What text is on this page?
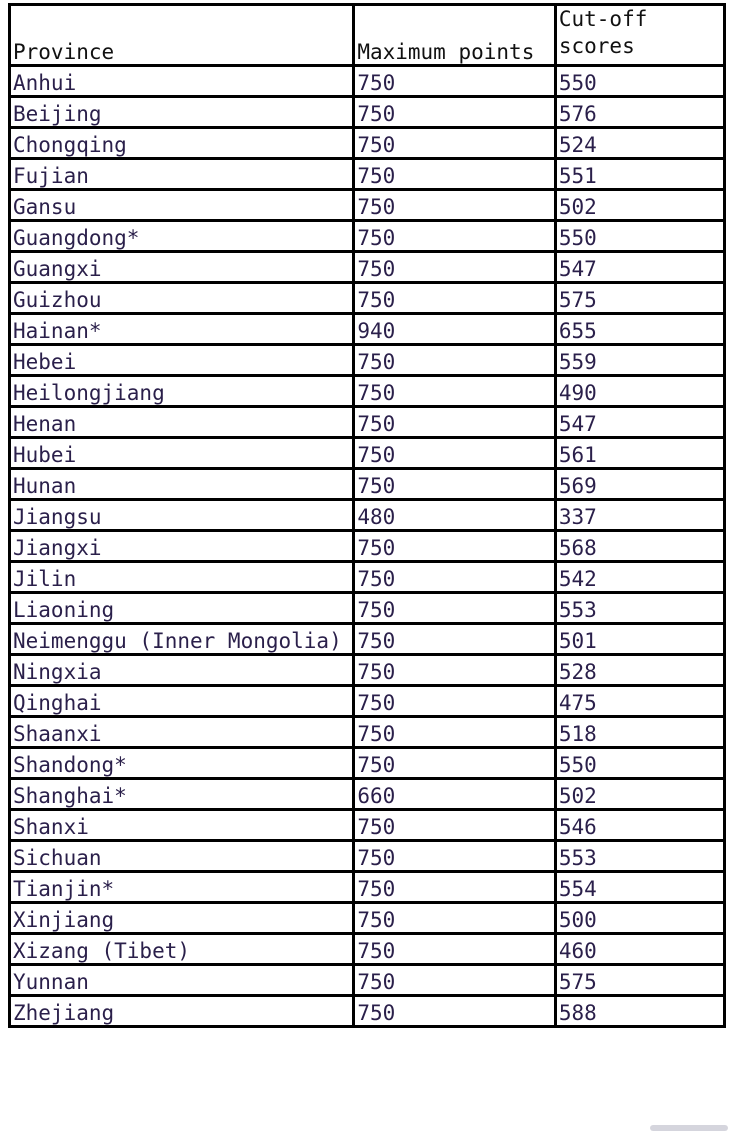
Province	Maximum points	Cut-off scores
Anhui	750	550
Beijing	750	576
Chongqing	750	524
Fujian	750	551
Gansu	750	502
Guangdong*	750	550
Guangxi	750	547
Guizhou	750	575
Hainan*	940	655
Hebei	750	559
Heilongjiang	750	490
Henan	750	547
Hubei	750	561
Hunan	750	569
Jiangsu	480	337
Jiangxi	750	568
Jilin	750	542
Liaoning	750	553
Neimenggu (Inner Mongolia)	750	501
Ningxia	750	528
Qinghai	750	475
Shaanxi	750	518
Shandong*	750	550
Shanghai*	660	502
Shanxi	750	546
Sichuan	750	553
Tianjin*	750	554
Xinjiang	750	500
Xizang (Tibet)	750	460
Yunnan	750	575
Zhejiang	750	588
